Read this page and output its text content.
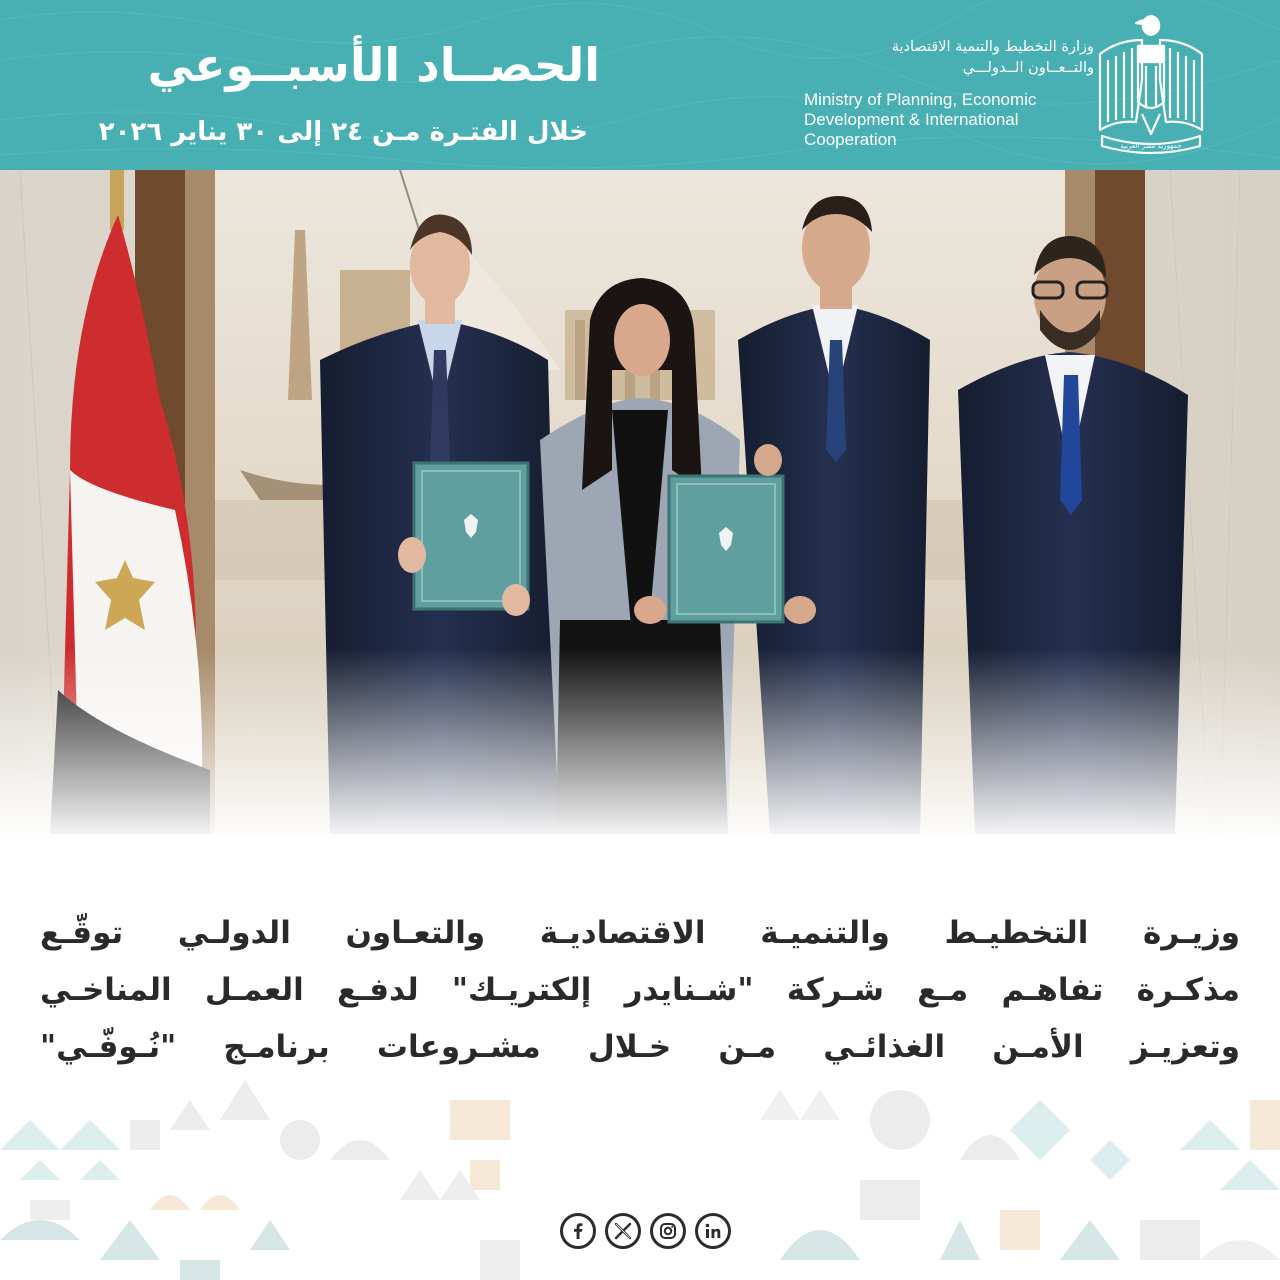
الحصــاد الأسبــوعي
خلال الفتـرة مـن ٢٤ إلى ٣٠ يناير ٢٠٢٦
وزارة التخطيط والتنمية الاقتصادية
والتــعــاون الــدولـــي
Ministry of Planning, Economic
Development & International
Cooperation	جمهورية مصر العربية
وزيـرة التخطيـط والتنميـة الاقتصاديـة والتعـاون الدولـي توقّـع
مذكـرة تفاهـم مـع شـركة "شـنايدر إلكتريـك" لدفـع العمـل المناخـي
وتعزيـز الأمـن الغذائـي مـن خـلال مشـروعات برنامـج "نُـوفّـي"
